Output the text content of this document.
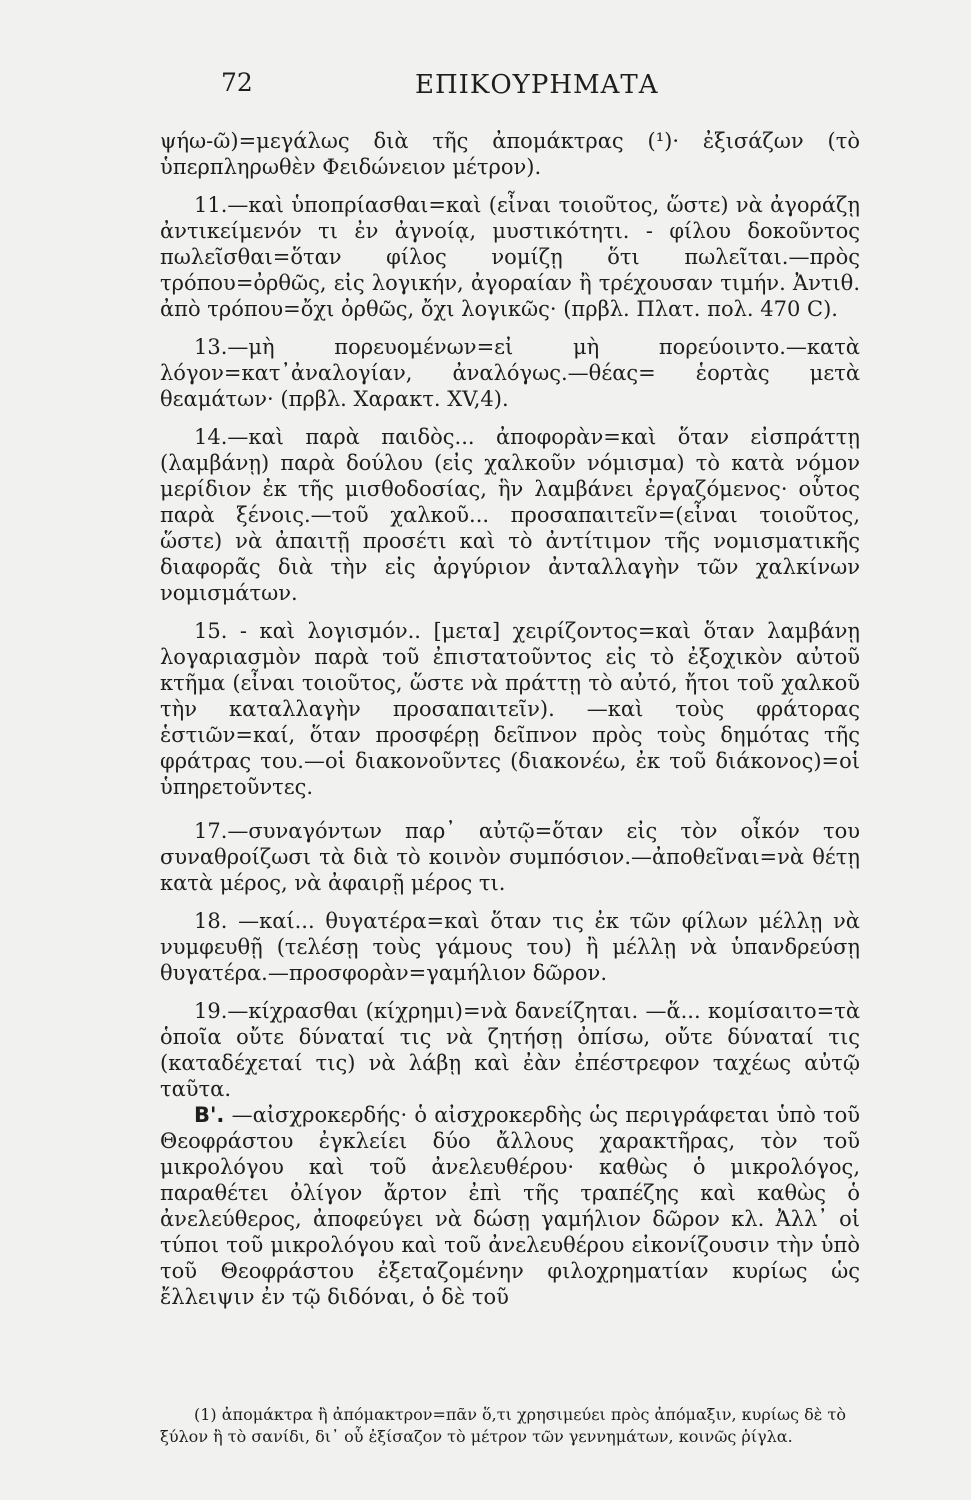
72	ΕΠΙΚΟΥΡΗΜΑΤΑ

ψήω-ῶ)=μεγάλως διὰ τῆς ἀπομάκτρας (¹)· ἐξισάζων (τὸ ὑπερπληρωθὲν Φειδώνειον μέτρον).

11.—καὶ ὑποπρίασθαι=καὶ (εἶναι τοιοῦτος, ὥστε) νὰ ἀγοράζῃ ἀντικείμενόν τι ἐν ἀγνοίᾳ, μυστικότητι. - φίλου δοκοῦντος πωλεῖσθαι=ὅταν φίλος νομίζῃ ὅτι πωλεῖται.—πρὸς τρόπου=ὀρθῶς, εἰς λογικήν, ἀγοραίαν ἢ τρέχουσαν τιμήν. Ἀντιθ. ἀπὸ τρόπου=ὄχι ὀρθῶς, ὄχι λογικῶς· (πρβλ. Πλατ. πολ. 470 C).

13.—μὴ πορευομένων=εἰ μὴ πορεύοιντο.—κατὰ λόγον=κατ᾽ἀναλογίαν, ἀναλόγως.—θέας= ἑορτὰς μετὰ θεαμάτων· (πρβλ. Χαρακτ. XV,4).

14.—καὶ παρὰ παιδὸς... ἀποφορὰν=καὶ ὅταν εἰσπράττῃ (λαμβάνῃ) παρὰ δούλου (εἰς χαλκοῦν νόμισμα) τὸ κατὰ νόμον μερίδιον ἐκ τῆς μισθοδοσίας, ἣν λαμβάνει ἐργαζόμενος· οὗτος παρὰ ξένοις.—τοῦ χαλκοῦ... προσαπαιτεῖν=(εἶναι τοιοῦτος, ὥστε) νὰ ἀπαιτῇ προσέτι καὶ τὸ ἀντίτιμον τῆς νομισματικῆς διαφορᾶς διὰ τὴν εἰς ἀργύριον ἀνταλλαγὴν τῶν χαλκίνων νομισμάτων.

15. - καὶ λογισμόν.. [μετα] χειρίζοντος=καὶ ὅταν λαμβάνῃ λογαριασμὸν παρὰ τοῦ ἐπιστατοῦντος εἰς τὸ ἐξοχικὸν αὐτοῦ κτῆμα (εἶναι τοιοῦτος, ὥστε νὰ πράττῃ τὸ αὐτό, ἤτοι τοῦ χαλκοῦ τὴν καταλλαγὴν προσαπαιτεῖν). —καὶ τοὺς φράτορας ἑστιῶν=καί, ὅταν προσφέρῃ δεῖπνον πρὸς τοὺς δημότας τῆς φράτρας του.—οἱ διακονοῦντες (διακονέω, ἐκ τοῦ διάκονος)=οἱ ὑπηρετοῦντες.

17.—συναγόντων παρ᾽ αὐτῷ=ὅταν εἰς τὸν οἶκόν του συναθροίζωσι τὰ διὰ τὸ κοινὸν συμπόσιον.—ἀποθεῖναι=νὰ θέτῃ κατὰ μέρος, νὰ ἀφαιρῇ μέρος τι.

18. —καί... θυγατέρα=καὶ ὅταν τις ἐκ τῶν φίλων μέλλῃ νὰ νυμφευθῇ (τελέσῃ τοὺς γάμους του) ἢ μέλλῃ νὰ ὑπανδρεύσῃ θυγατέρα.—προσφορὰν=γαμήλιον δῶρον.

19.—κίχρασθαι (κίχρημι)=νὰ δανείζηται. —ἅ... κομίσαιτο=τὰ ὁποῖα οὔτε δύναταί τις νὰ ζητήσῃ ὀπίσω, οὔτε δύναταί τις (καταδέχεταί τις) νὰ λάβῃ καὶ ἐὰν ἐπέστρεφον ταχέως αὐτῷ ταῦτα.

B'. —αἰσχροκερδής· ὁ αἰσχροκερδὴς ὡς περιγράφεται ὑπὸ τοῦ Θεοφράστου ἐγκλείει δύο ἄλλους χαρακτῆρας, τὸν τοῦ μικρολόγου καὶ τοῦ ἀνελευθέρου· καθὼς ὁ μικρολόγος, παραθέτει ὀλίγον ἄρτον ἐπὶ τῆς τραπέζης καὶ καθὼς ὁ ἀνελεύθερος, ἀποφεύγει νὰ δώσῃ γαμήλιον δῶρον κλ. Ἀλλ᾽ οἱ τύποι τοῦ μικρολόγου καὶ τοῦ ἀνελευθέρου εἰκονίζουσιν τὴν ὑπὸ τοῦ Θεοφράστου ἐξεταζομένην φιλοχρηματίαν κυρίως ὡς ἔλλειψιν ἐν τῷ διδόναι, ὁ δὲ τοῦ

(1) ἀπομάκτρα ἢ ἀπόμακτρον=πᾶν ὅ,τι χρησιμεύει πρὸς ἀπόμαξιν, κυρίως δὲ τὸ ξύλον ἢ τὸ σανίδι, δι᾽ οὗ ἐξίσαζον τὸ μέτρον τῶν γεννημάτων, κοινῶς ῥίγλα.
